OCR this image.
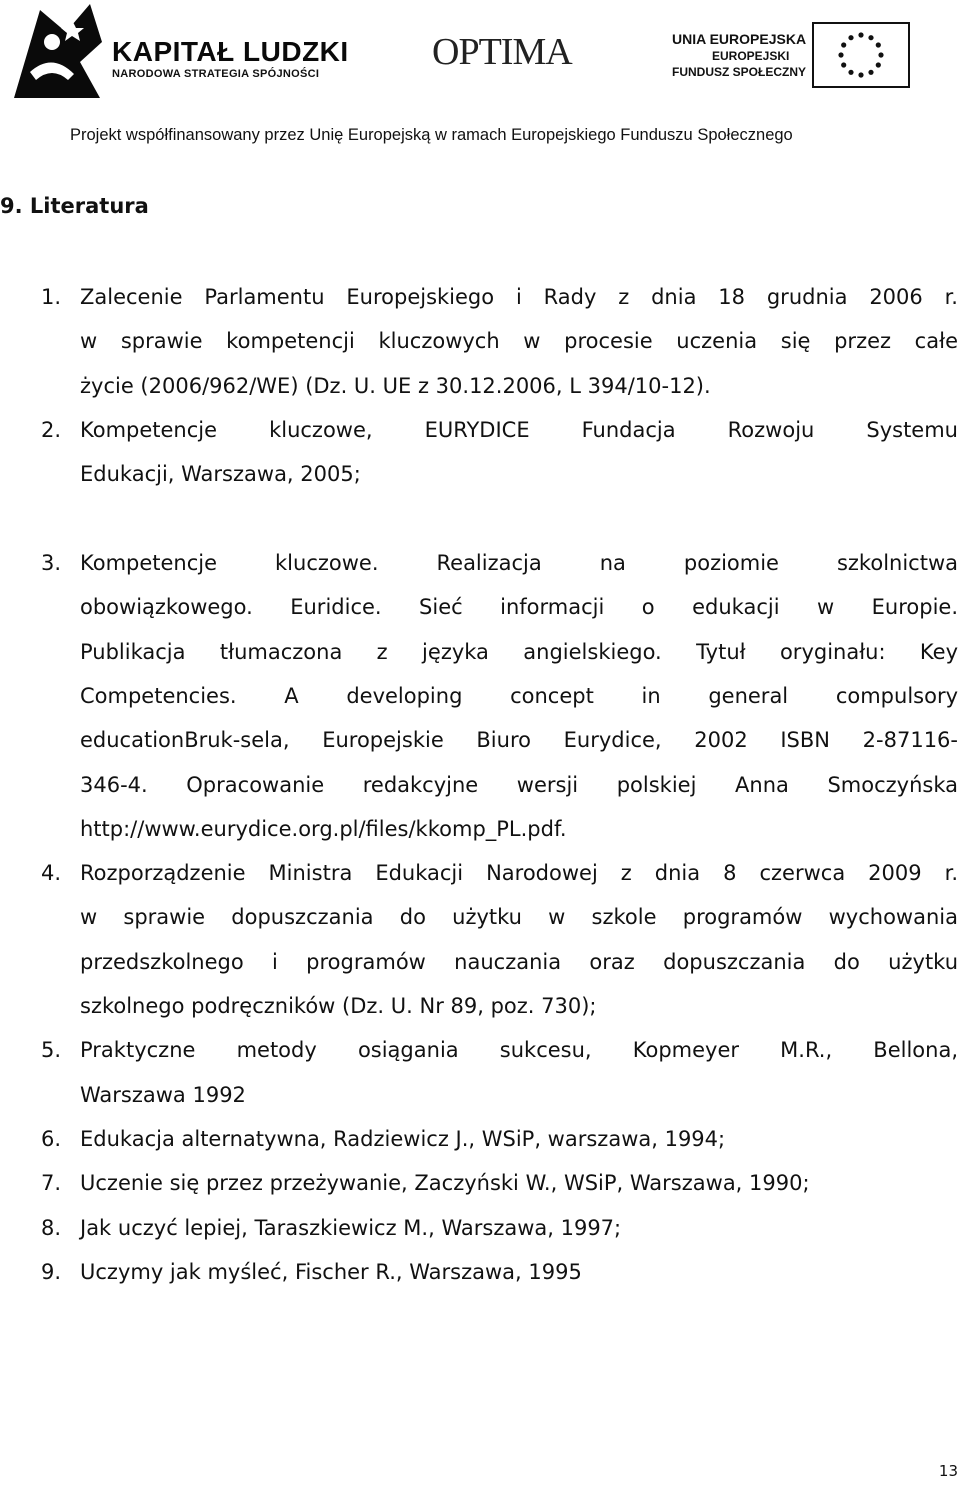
KAPITAŁ LUDZKI
NARODOWA STRATEGIA SPÓJNOŚCI
OPTIMA	UNIA EUROPEJSKA
EUROPEJSKI
FUNDUSZ SPOŁECZNY
Projekt współfinansowany przez Unię Europejską w ramach Europejskiego Funduszu Społecznego
9. Literatura
1. Zalecenie Parlamentu Europejskiego i Rady z dnia 18 grudnia 2006 r.
w sprawie kompetencji kluczowych w procesie uczenia się przez całe
życie (2006/962/WE) (Dz. U. UE z 30.12.2006, L 394/10-12).
2. Kompetencje kluczowe, EURYDICE Fundacja Rozwoju Systemu
Edukacji, Warszawa, 2005;
3. Kompetencje kluczowe. Realizacja na poziomie szkolnictwa
obowiązkowego. Euridice. Sieć informacji o edukacji w Europie.
Publikacja tłumaczona z języka angielskiego. Tytuł oryginału: Key
Competencies. A developing concept in general compulsory
educationBruk-sela, Europejskie Biuro Eurydice, 2002 ISBN 2-87116-
346-4. Opracowanie redakcyjne wersji polskiej Anna Smoczyńska
http://www.eurydice.org.pl/files/kkomp_PL.pdf.
4. Rozporządzenie Ministra Edukacji Narodowej z dnia 8 czerwca 2009 r.
w sprawie dopuszczania do użytku w szkole programów wychowania
przedszkolnego i programów nauczania oraz dopuszczania do użytku
szkolnego podręczników (Dz. U. Nr 89, poz. 730);
5. Praktyczne metody osiągania sukcesu, Kopmeyer M.R., Bellona,
Warszawa 1992
6. Edukacja alternatywna, Radziewicz J., WSiP, warszawa, 1994;
7. Uczenie się przez przeżywanie, Zaczyński W., WSiP, Warszawa, 1990;
8. Jak uczyć lepiej, Taraszkiewicz M., Warszawa, 1997;
9. Uczymy jak myśleć, Fischer R., Warszawa, 1995
13
